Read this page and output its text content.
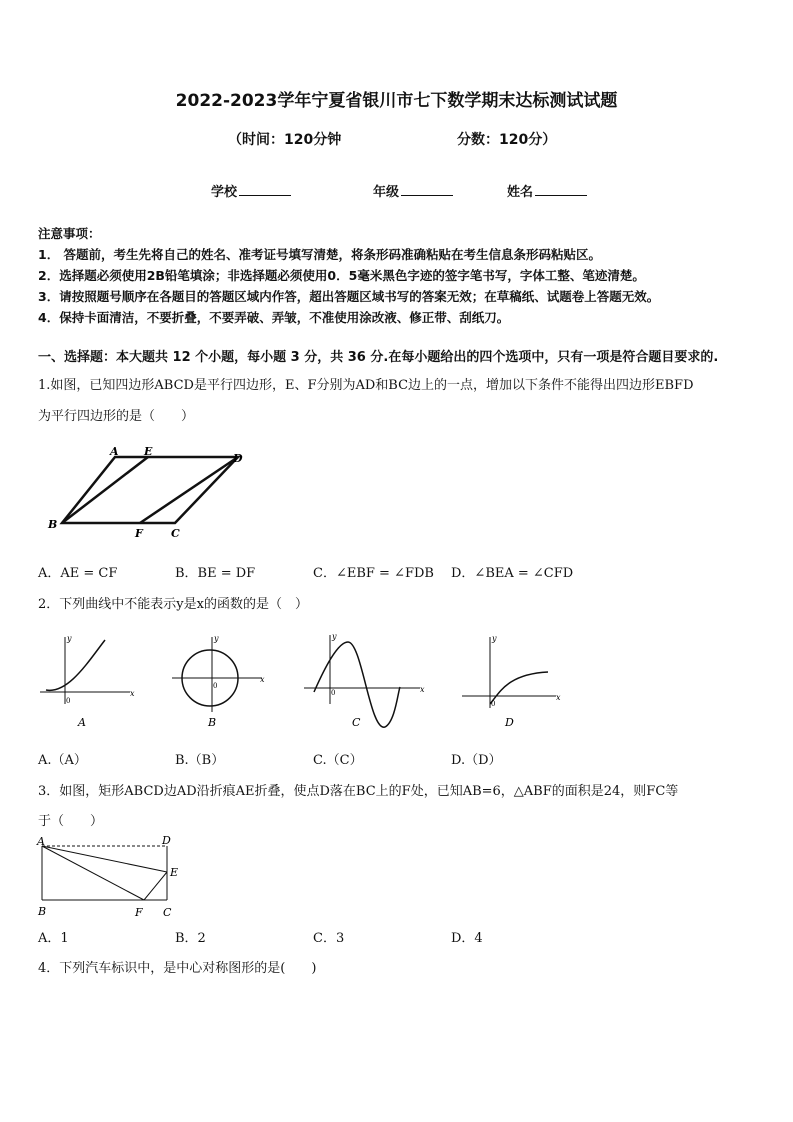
2022-2023学年宁夏省银川市七下数学期末达标测试试题
（时间：120分钟	分数：120分）
学校	年级	姓名
注意事项：
1． 答题前，考生先将自己的姓名、准考证号填写清楚，将条形码准确粘贴在考生信息条形码粘贴区。
2．选择题必须使用2B铅笔填涂；非选择题必须使用0．5毫米黑色字迹的签字笔书写，字体工整、笔迹清楚。
3．请按照题号顺序在各题目的答题区域内作答，超出答题区域书写的答案无效；在草稿纸、试题卷上答题无效。
4．保持卡面清洁，不要折叠，不要弄破、弄皱，不准使用涂改液、修正带、刮纸刀。
一、选择题：本大题共 12 个小题，每小题 3 分，共 36 分.在每小题给出的四个选项中，只有一项是符合题目要求的.
1.如图，已知四边形ABCD是平行四边形，E、F分别为AD和BC边上的一点，增加以下条件不能得出四边形EBFD
为平行四边形的是（　　）
A E
D
B
F	C
A．AE = CF	B．BE = DF	C．∠EBF = ∠FDB D．∠BEA = ∠CFD
2．下列曲线中不能表示y是x的函数的是（　）
y
x
0
A
y
x
0
B
y
x
0
C
y
x
0
D
A.（A）	B.（B）	C.（C）	D.（D）
3．如图，矩形ABCD边AD沿折痕AE折叠，使点D落在BC上的F处，已知AB=6，△ABF的面积是24，则FC等
于（　　）
A	D
E
B	F C
A．1	B．2	C．3	D．4
4．下列汽车标识中，是中心对称图形的是(　　)
